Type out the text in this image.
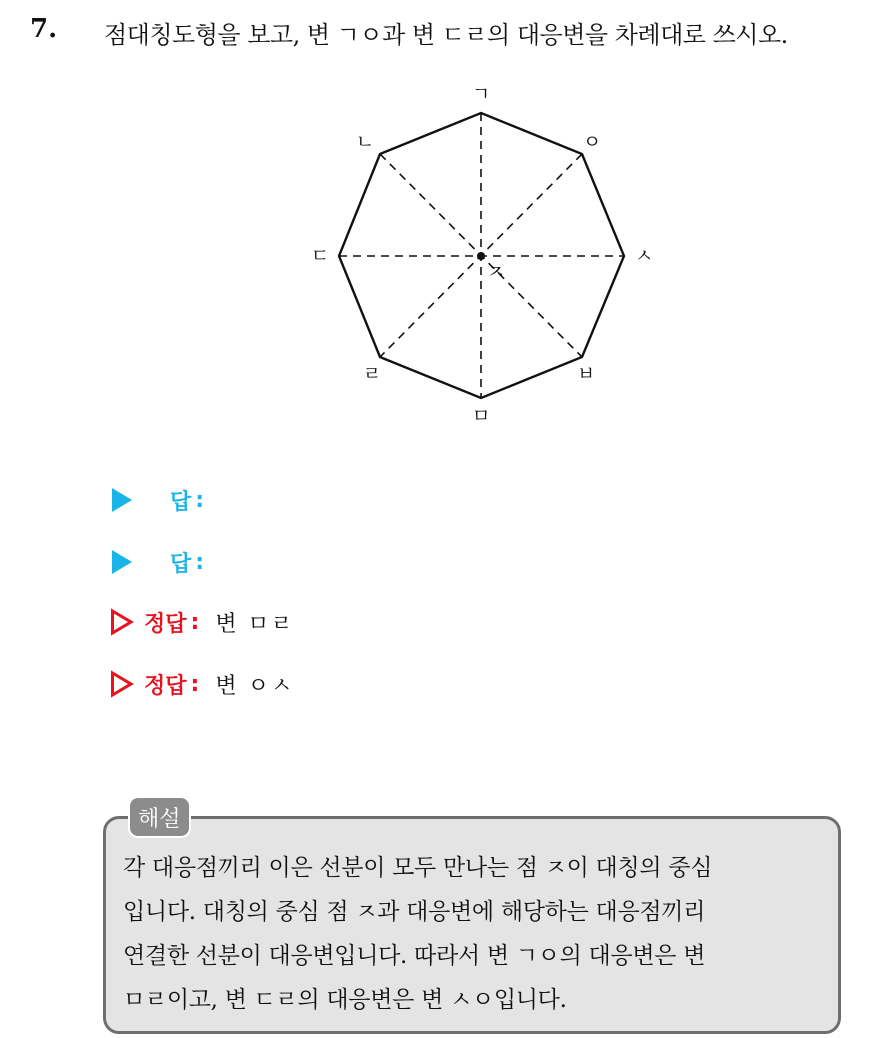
7. 점대칭도형을 보고, 변 ㄱㅇ과 변 ㄷㄹ의 대응변을 차례대로 쓰시오.
ㄱ
ㅇ
ㅅ
ㅂ
ㅁ
ㄹ
ㄷ
ㄴ
ㅈ
답 :
답 :
정답 : 변 ㅁㄹ
정답 : 변 ㅇㅅ
해설
각 대응점끼리 이은 선분이 모두 만나는 점 ㅈ이 대칭의 중심
입니다. 대칭의 중심 점 ㅈ과 대응변에 해당하는 대응점끼리
연결한 선분이 대응변입니다. 따라서 변 ㄱㅇ의 대응변은 변
ㅁㄹ이고, 변 ㄷㄹ의 대응변은 변 ㅅㅇ입니다.
